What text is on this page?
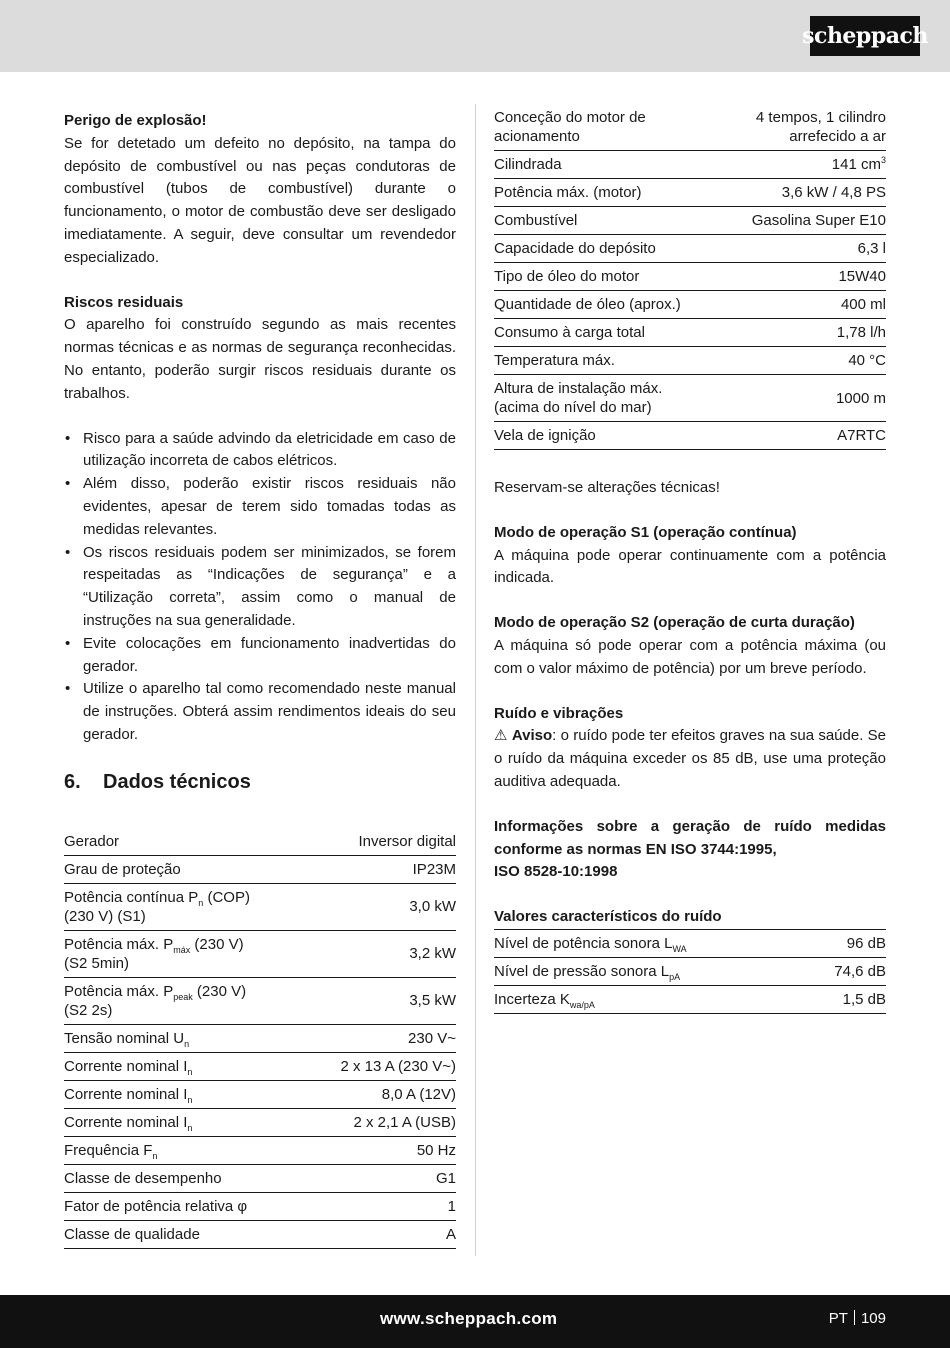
scheppach

Perigo de explosão!

Se for detetado um defeito no depósito, na tampa do depósito de combustível ou nas peças condutoras de combustível (tubos de combustível) durante o funcionamento, o motor de combustão deve ser desligado imediatamente. A seguir, deve consultar um revendedor especializado.

Riscos residuais

O aparelho foi construído segundo as mais recentes normas técnicas e as normas de segurança reconhecidas. No entanto, poderão surgir riscos residuais durante os trabalhos.

• Risco para a saúde advindo da eletricidade em caso de utilização incorreta de cabos elétricos.
• Além disso, poderão existir riscos residuais não evidentes, apesar de terem sido tomadas todas as medidas relevantes.
• Os riscos residuais podem ser minimizados, se forem respeitadas as “Indicações de segurança” e a “Utilização correta”, assim como o manual de instruções na sua generalidade.
• Evite colocações em funcionamento inadvertidas do gerador.
• Utilize o aparelho tal como recomendado neste manual de instruções. Obterá assim rendimentos ideais do seu gerador.
6. Dados técnicos
Gerador	Inversor digital
Grau de proteção	IP23M
Potência contínua $P_n$ (COP)
(230 V) (S1)	3,0 kW
Potência máx. $P_{máx}$ (230 V)
(S2 5min)	3,2 kW
Potência máx. $P_{peak}$ (230 V)
(S2 2s)	3,5 kW
Tensão nominal $U_n$	230 V~
Corrente nominal $I_n$	2 x 13 A (230 V~)
Corrente nominal $I_n$	8,0 A (12V)
Corrente nominal $I_n$	2 x 2,1 A (USB)
Frequência $F_n$	50 Hz
Classe de desempenho	G1
Fator de potência relativa φ	1
Classe de qualidade	A
Conceção do motor de
acionamento	4 tempos, 1 cilindro
arrefecido a ar
Cilindrada	141 $cm^3$
Potência máx. (motor)	3,6 kW / 4,8 PS
Combustível	Gasolina Super E10
Capacidade do depósito	6,3 l
Tipo de óleo do motor	15W40
Quantidade de óleo (aprox.)	400 ml
Consumo à carga total	1,78 l/h
Temperatura máx.	40 °C
Altura de instalação máx.
(acima do nível do mar)	1000 m
Vela de ignição	A7RTC

Reservam-se alterações técnicas!

Modo de operação S1 (operação contínua)

A máquina pode operar continuamente com a potência indicada.

Modo de operação S2 (operação de curta duração)

A máquina só pode operar com a potência máxima (ou com o valor máximo de potência) por um breve período.

Ruído e vibrações

⚠ Aviso: o ruído pode ter efeitos graves na sua saúde. Se o ruído da máquina exceder os 85 dB, use uma proteção auditiva adequada.

Informações sobre a geração de ruído medidas conforme as normas EN ISO 3744:1995,

ISO 8528-10:1998

Valores característicos do ruído

Nível de potência sonora $L_{WA}$	96 dB
Nível de pressão sonora $L_{pA}$	74,6 dB
Incerteza $K_{wa/pA}$	1,5 dB
www.scheppach.com	PT 109
